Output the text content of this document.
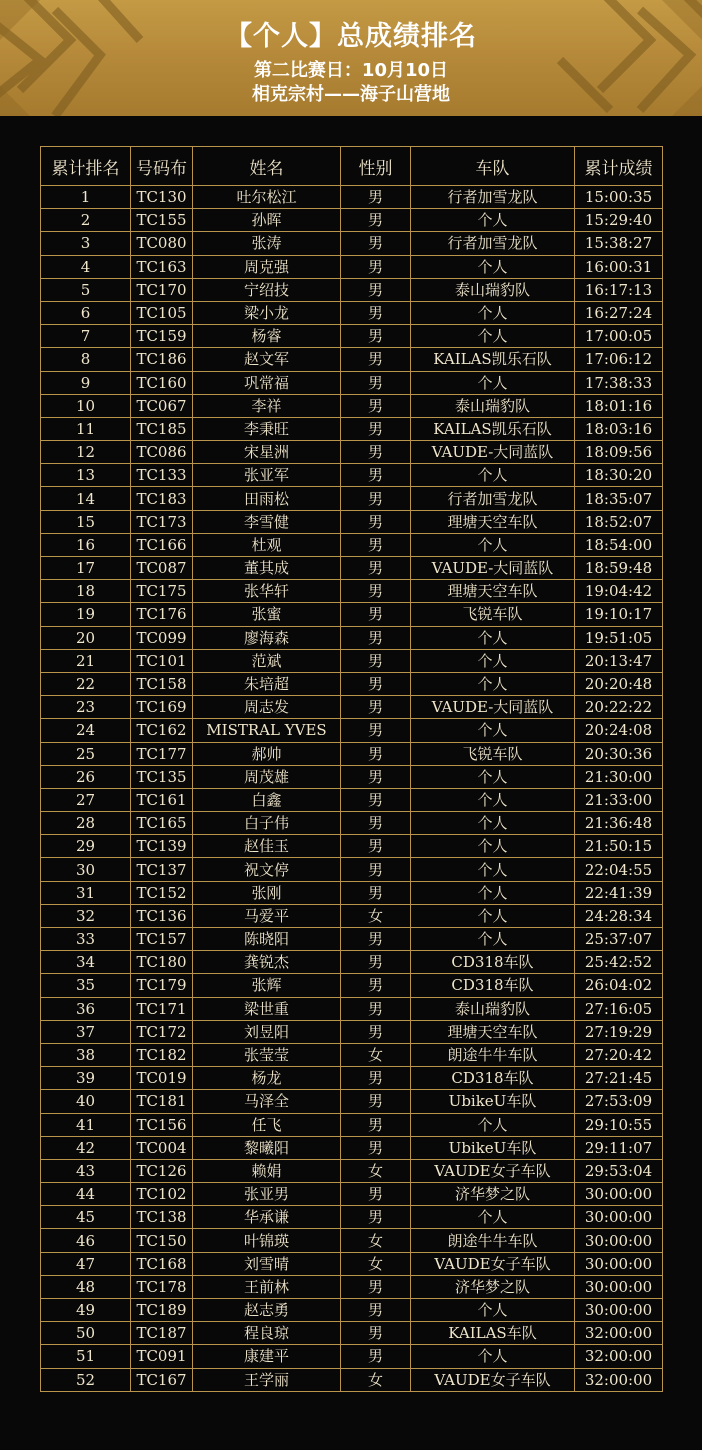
【个人】总成绩排名
第二比赛日：10月10日
相克宗村——海子山营地
累计排名	号码布	姓名	性别	车队	累计成绩
1	TC130	吐尔松江	男	行者加雪龙队	15:00:35
2	TC155	孙晖	男	个人	15:29:40
3	TC080	张涛	男	行者加雪龙队	15:38:27
4	TC163	周克强	男	个人	16:00:31
5	TC170	宁绍技	男	泰山瑞豹队	16:17:13
6	TC105	梁小龙	男	个人	16:27:24
7	TC159	杨睿	男	个人	17:00:05
8	TC186	赵文军	男	KAILAS凯乐石队	17:06:12
9	TC160	巩常福	男	个人	17:38:33
10	TC067	李祥	男	泰山瑞豹队	18:01:16
11	TC185	李秉旺	男	KAILAS凯乐石队	18:03:16
12	TC086	宋星洲	男	VAUDE-大同蓝队	18:09:56
13	TC133	张亚军	男	个人	18:30:20
14	TC183	田雨松	男	行者加雪龙队	18:35:07
15	TC173	李雪健	男	理塘天空车队	18:52:07
16	TC166	杜观	男	个人	18:54:00
17	TC087	董其成	男	VAUDE-大同蓝队	18:59:48
18	TC175	张华轩	男	理塘天空车队	19:04:42
19	TC176	张蜜	男	飞锐车队	19:10:17
20	TC099	廖海森	男	个人	19:51:05
21	TC101	范斌	男	个人	20:13:47
22	TC158	朱培超	男	个人	20:20:48
23	TC169	周志发	男	VAUDE-大同蓝队	20:22:22
24	TC162	MISTRAL YVES	男	个人	20:24:08
25	TC177	郝帅	男	飞锐车队	20:30:36
26	TC135	周茂雄	男	个人	21:30:00
27	TC161	白鑫	男	个人	21:33:00
28	TC165	白子伟	男	个人	21:36:48
29	TC139	赵佳玉	男	个人	21:50:15
30	TC137	祝文停	男	个人	22:04:55
31	TC152	张刚	男	个人	22:41:39
32	TC136	马爱平	女	个人	24:28:34
33	TC157	陈晓阳	男	个人	25:37:07
34	TC180	龚锐杰	男	CD318车队	25:42:52
35	TC179	张辉	男	CD318车队	26:04:02
36	TC171	梁世重	男	泰山瑞豹队	27:16:05
37	TC172	刘昱阳	男	理塘天空车队	27:19:29
38	TC182	张莹莹	女	朗途牛牛车队	27:20:42
39	TC019	杨龙	男	CD318车队	27:21:45
40	TC181	马泽全	男	UbikeU车队	27:53:09
41	TC156	任飞	男	个人	29:10:55
42	TC004	黎曦阳	男	UbikeU车队	29:11:07
43	TC126	赖娟	女	VAUDE女子车队	29:53:04
44	TC102	张亚男	男	济华梦之队	30:00:00
45	TC138	华承谦	男	个人	30:00:00
46	TC150	叶锦瑛	女	朗途牛牛车队	30:00:00
47	TC168	刘雪晴	女	VAUDE女子车队	30:00:00
48	TC178	王前林	男	济华梦之队	30:00:00
49	TC189	赵志勇	男	个人	30:00:00
50	TC187	程良琼	男	KAILAS车队	32:00:00
51	TC091	康建平	男	个人	32:00:00
52	TC167	王学丽	女	VAUDE女子车队	32:00:00
